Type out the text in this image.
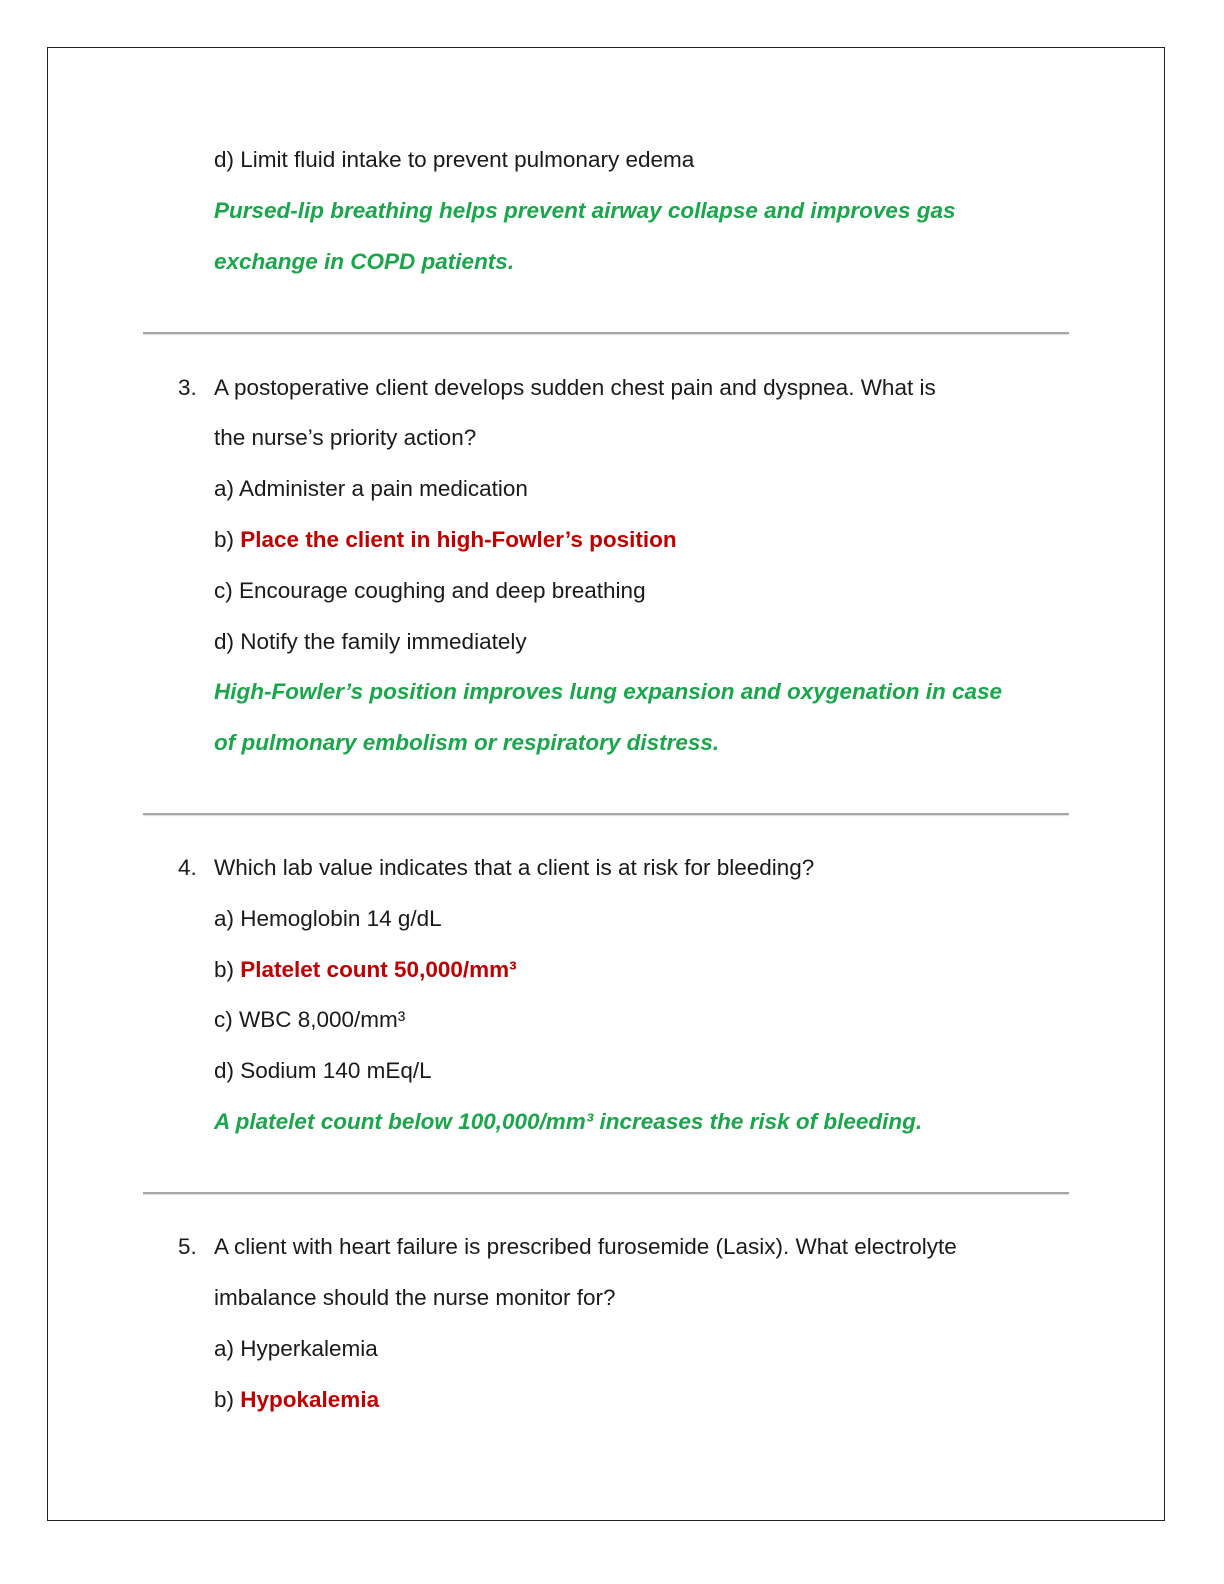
d) Limit fluid intake to prevent pulmonary edema
Pursed-lip breathing helps prevent airway collapse and improves gas
exchange in COPD patients.
3. A postoperative client develops sudden chest pain and dyspnea. What is
the nurse’s priority action?
a) Administer a pain medication
b) Place the client in high-Fowler’s position
c) Encourage coughing and deep breathing
d) Notify the family immediately
High-Fowler’s position improves lung expansion and oxygenation in case
of pulmonary embolism or respiratory distress.
4. Which lab value indicates that a client is at risk for bleeding?
a) Hemoglobin 14 g/dL
b) Platelet count 50,000/mm³
c) WBC 8,000/mm³
d) Sodium 140 mEq/L
A platelet count below 100,000/mm³ increases the risk of bleeding.
5. A client with heart failure is prescribed furosemide (Lasix). What electrolyte
imbalance should the nurse monitor for?
a) Hyperkalemia
b) Hypokalemia
